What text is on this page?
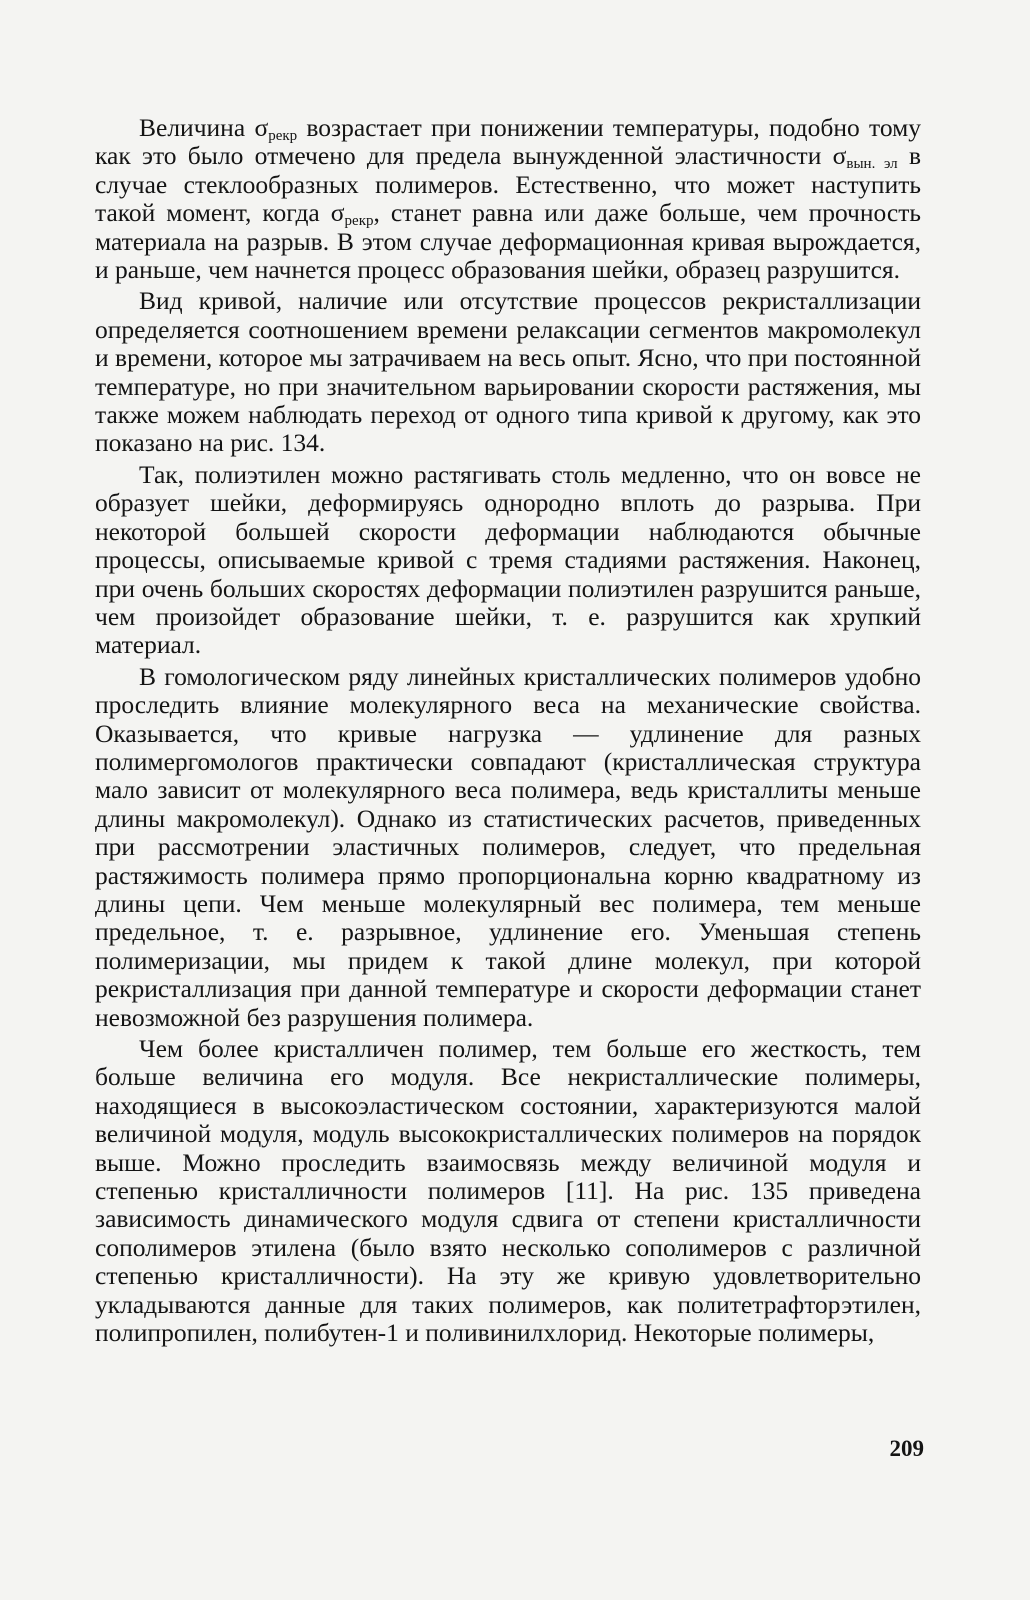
Величина $\sigma_{рекр}$ возрастает при понижении температуры, подобно тому как это было отмечено для предела вынужденной эластичности $\sigma_{вын. эл}$ в случае стеклообразных полимеров. Естественно, что может наступить такой момент, когда $\sigma_{рекр}$, станет равна или даже больше, чем прочность материала на разрыв. В этом случае деформационная кривая вырождается, и раньше, чем начнется процесс образования шейки, образец разрушится.

Вид кривой, наличие или отсутствие процессов рекристаллизации определяется соотношением времени релаксации сегментов макромолекул и времени, которое мы затрачиваем на весь опыт. Ясно, что при постоянной температуре, но при значительном варьировании скорости растяжения, мы также можем наблюдать переход от одного типа кривой к другому, как это показано на рис. 134.

Так, полиэтилен можно растягивать столь медленно, что он вовсе не образует шейки, деформируясь однородно вплоть до разрыва. При некоторой большей скорости деформации наблюдаются обычные процессы, описываемые кривой с тремя стадиями растяжения. Наконец, при очень больших скоростях деформации полиэтилен разрушится раньше, чем произойдет образование шейки, т. е. разрушится как хрупкий материал.

В гомологическом ряду линейных кристаллических полимеров удобно проследить влияние молекулярного веса на механические свойства. Оказывается, что кривые нагрузка — удлинение для разных полимергомологов практически совпадают (кристаллическая структура мало зависит от молекулярного веса полимера, ведь кристаллиты меньше длины макромолекул). Однако из статистических расчетов, приведенных при рассмотрении эластичных полимеров, следует, что предельная растяжимость полимера прямо пропорциональна корню квадратному из длины цепи. Чем меньше молекулярный вес полимера, тем меньше предельное, т. е. разрывное, удлинение его. Уменьшая степень полимеризации, мы придем к такой длине молекул, при которой рекристаллизация при данной температуре и скорости деформации станет невозможной без разрушения полимера.

Чем более кристалличен полимер, тем больше его жесткость, тем больше величина его модуля. Все некристаллические полимеры, находящиеся в высокоэластическом состоянии, характеризуются малой величиной модуля, модуль высококристаллических полимеров на порядок выше. Можно проследить взаимосвязь между величиной модуля и степенью кристалличности полимеров [11]. На рис. 135 приведена зависимость динамического модуля сдвига от степени кристалличности сополимеров этилена (было взято несколько сополимеров с различной степенью кристалличности). На эту же кривую удовлетворительно укладываются данные для таких полимеров, как политетрафторэтилен, полипропилен, полибутен-1 и поливинилхлорид. Некоторые полимеры,

209
